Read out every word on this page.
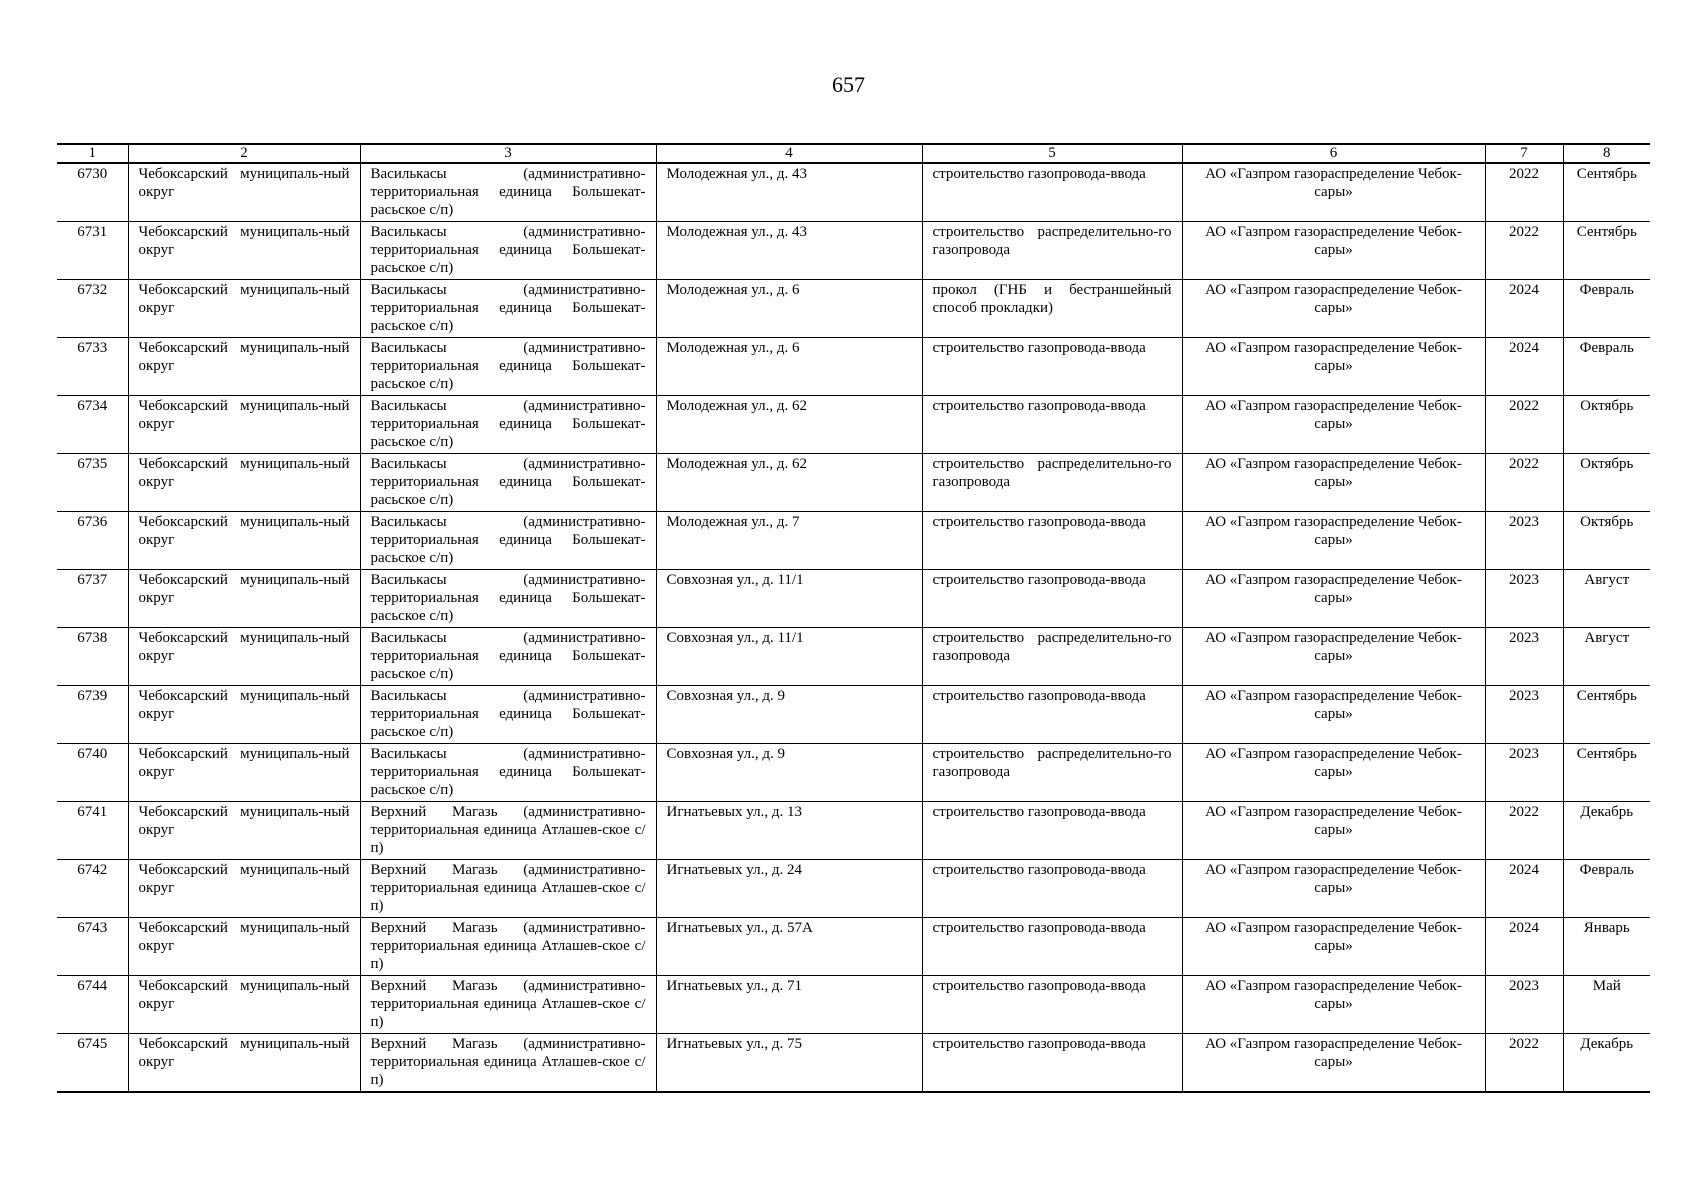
657
1	2	3	4	5	6	7	8
6730	Чебоксарский муниципаль-ный округ	Василькасы (административно-территориальная единица Большекат-расьское с/п)	Молодежная ул., д. 43	строительство газопровода-ввода	АО «Газпром газораспределение Чебок-сары»	2022	Сентябрь
6731	Чебоксарский муниципаль-ный округ	Василькасы (административно-территориальная единица Большекат-расьское с/п)	Молодежная ул., д. 43	строительство распределительно-го газопровода	АО «Газпром газораспределение Чебок-сары»	2022	Сентябрь
6732	Чебоксарский муниципаль-ный округ	Василькасы (административно-территориальная единица Большекат-расьское с/п)	Молодежная ул., д. 6	прокол (ГНБ и бестраншейный способ прокладки)	АО «Газпром газораспределение Чебок-сары»	2024	Февраль
6733	Чебоксарский муниципаль-ный округ	Василькасы (административно-территориальная единица Большекат-расьское с/п)	Молодежная ул., д. 6	строительство газопровода-ввода	АО «Газпром газораспределение Чебок-сары»	2024	Февраль
6734	Чебоксарский муниципаль-ный округ	Василькасы (административно-территориальная единица Большекат-расьское с/п)	Молодежная ул., д. 62	строительство газопровода-ввода	АО «Газпром газораспределение Чебок-сары»	2022	Октябрь
6735	Чебоксарский муниципаль-ный округ	Василькасы (административно-территориальная единица Большекат-расьское с/п)	Молодежная ул., д. 62	строительство распределительно-го газопровода	АО «Газпром газораспределение Чебок-сары»	2022	Октябрь
6736	Чебоксарский муниципаль-ный округ	Василькасы (административно-территориальная единица Большекат-расьское с/п)	Молодежная ул., д. 7	строительство газопровода-ввода	АО «Газпром газораспределение Чебок-сары»	2023	Октябрь
6737	Чебоксарский муниципаль-ный округ	Василькасы (административно-территориальная единица Большекат-расьское с/п)	Совхозная ул., д. 11/1	строительство газопровода-ввода	АО «Газпром газораспределение Чебок-сары»	2023	Август
6738	Чебоксарский муниципаль-ный округ	Василькасы (административно-территориальная единица Большекат-расьское с/п)	Совхозная ул., д. 11/1	строительство распределительно-го газопровода	АО «Газпром газораспределение Чебок-сары»	2023	Август
6739	Чебоксарский муниципаль-ный округ	Василькасы (административно-территориальная единица Большекат-расьское с/п)	Совхозная ул., д. 9	строительство газопровода-ввода	АО «Газпром газораспределение Чебок-сары»	2023	Сентябрь
6740	Чебоксарский муниципаль-ный округ	Василькасы (административно-территориальная единица Большекат-расьское с/п)	Совхозная ул., д. 9	строительство распределительно-го газопровода	АО «Газпром газораспределение Чебок-сары»	2023	Сентябрь
6741	Чебоксарский муниципаль-ный округ	Верхний Магазь (административно-территориальная единица Атлашев-ское с/п)	Игнатьевых ул., д. 13	строительство газопровода-ввода	АО «Газпром газораспределение Чебок-сары»	2022	Декабрь
6742	Чебоксарский муниципаль-ный округ	Верхний Магазь (административно-территориальная единица Атлашев-ское с/п)	Игнатьевых ул., д. 24	строительство газопровода-ввода	АО «Газпром газораспределение Чебок-сары»	2024	Февраль
6743	Чебоксарский муниципаль-ный округ	Верхний Магазь (административно-территориальная единица Атлашев-ское с/п)	Игнатьевых ул., д. 57А	строительство газопровода-ввода	АО «Газпром газораспределение Чебок-сары»	2024	Январь
6744	Чебоксарский муниципаль-ный округ	Верхний Магазь (административно-территориальная единица Атлашев-ское с/п)	Игнатьевых ул., д. 71	строительство газопровода-ввода	АО «Газпром газораспределение Чебок-сары»	2023	Май
6745	Чебоксарский муниципаль-ный округ	Верхний Магазь (административно-территориальная единица Атлашев-ское с/п)	Игнатьевых ул., д. 75	строительство газопровода-ввода	АО «Газпром газораспределение Чебок-сары»	2022	Декабрь
